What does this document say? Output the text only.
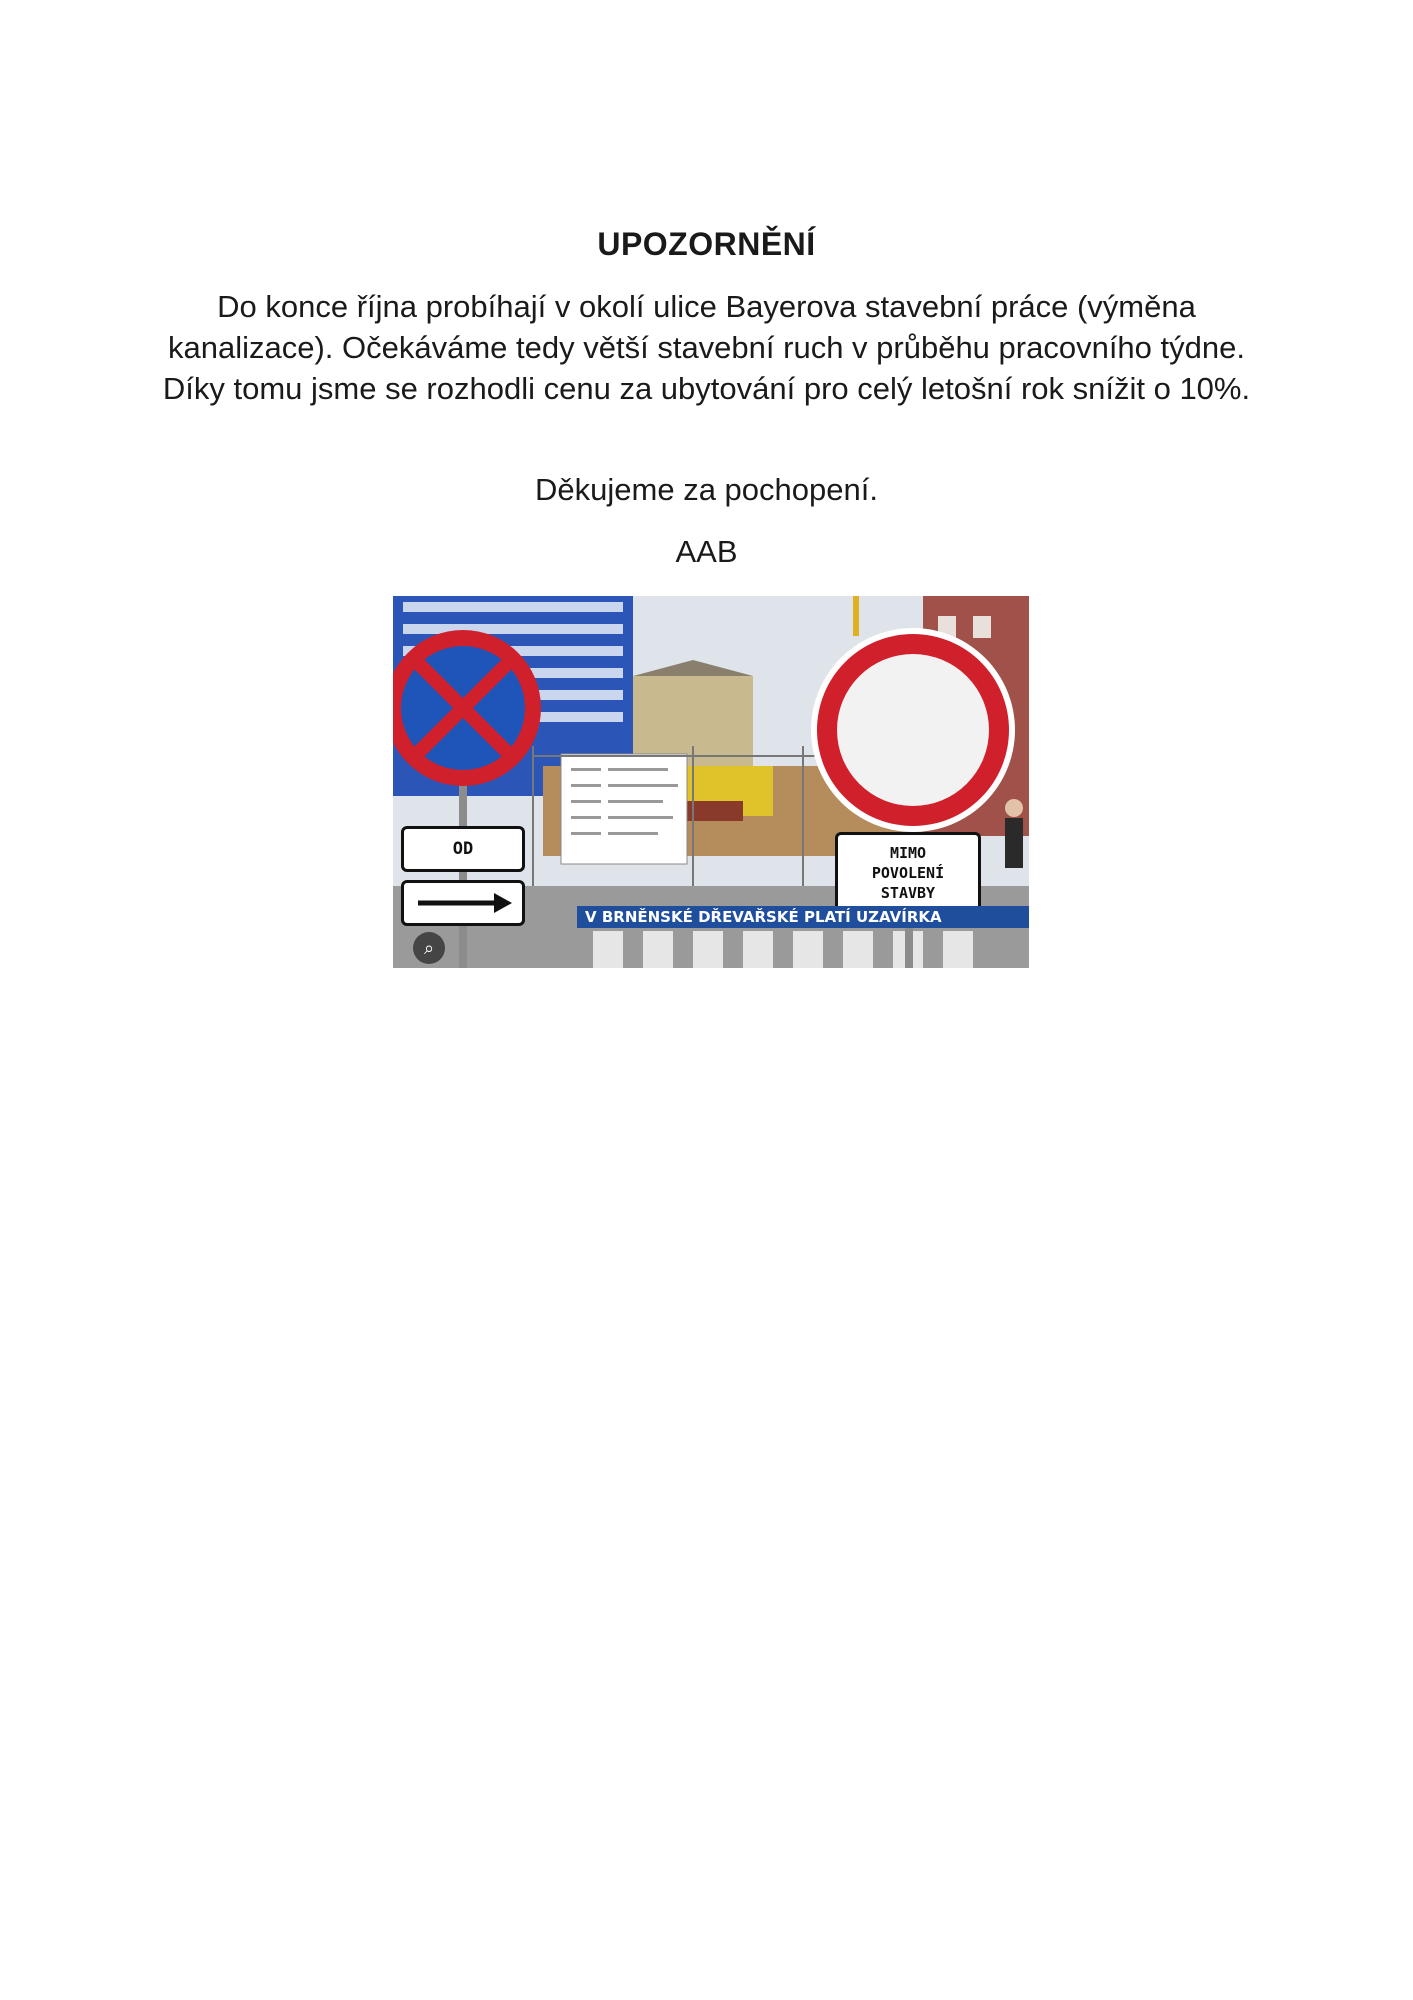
UPOZORNĚNÍ

Do konce října probíhají v okolí ulice Bayerova stavební práce (výměna kanalizace). Očekáváme tedy větší stavební ruch v průběhu pracovního týdne. Díky tomu jsme se rozhodli cenu za ubytování pro celý letošní rok snížit o 10%.

Děkujeme za pochopení.

AAB

OD	MIMO
POVOLENÍ
STAVBY
V BRNĚNSKÉ DŘEVAŘSKÉ PLATÍ UZAVÍRKA
⌕
